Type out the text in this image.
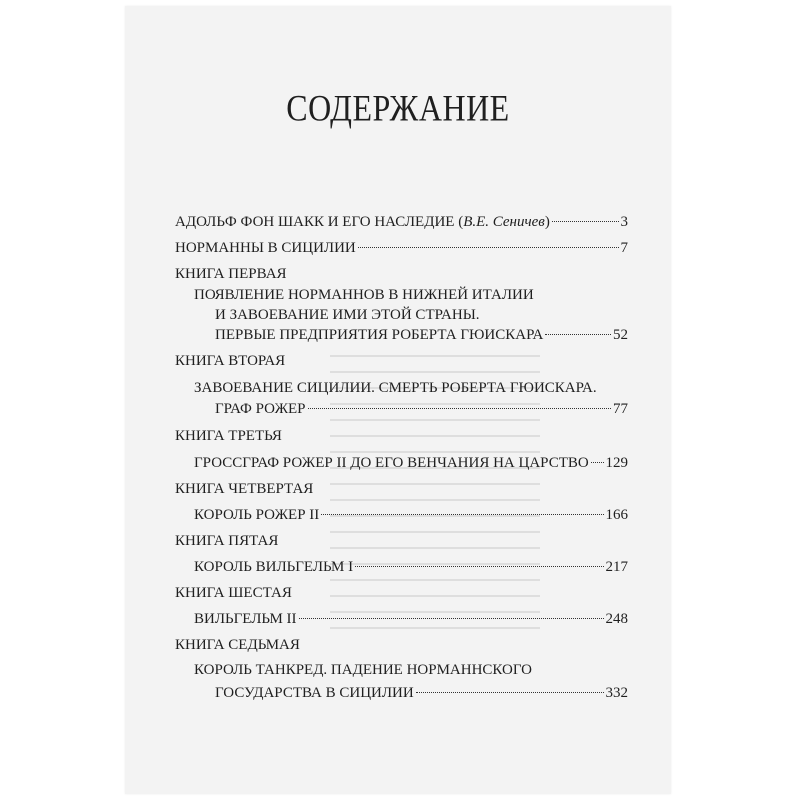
СОДЕРЖАНИЕ
АДОЛЬФ ФОН ШАКК И ЕГО НАСЛЕДИЕ (В.Е. Сеничев)	3
НОРМАННЫ В СИЦИЛИИ	7
КНИГА ПЕРВАЯ
ПОЯВЛЕНИЕ НОРМАННОВ В НИЖНЕЙ ИТАЛИИ
И ЗАВОЕВАНИЕ ИМИ ЭТОЙ СТРАНЫ.
ПЕРВЫЕ ПРЕДПРИЯТИЯ РОБЕРТА ГЮИСКАРА	52
КНИГА ВТОРАЯ
ЗАВОЕВАНИЕ СИЦИЛИИ. СМЕРТЬ РОБЕРТА ГЮИСКАРА.
ГРАФ РОЖЕР	77
КНИГА ТРЕТЬЯ
ГРОССГРАФ РОЖЕР II ДО ЕГО ВЕНЧАНИЯ НА ЦАРСТВО 129
КНИГА ЧЕТВЕРТАЯ
КОРОЛЬ РОЖЕР II	166
КНИГА ПЯТАЯ
КОРОЛЬ ВИЛЬГЕЛЬМ I	217
КНИГА ШЕСТАЯ
ВИЛЬГЕЛЬМ II	248
КНИГА СЕДЬМАЯ
КОРОЛЬ ТАНКРЕД. ПАДЕНИЕ НОРМАННСКОГО
ГОСУДАРСТВА В СИЦИЛИИ	332
